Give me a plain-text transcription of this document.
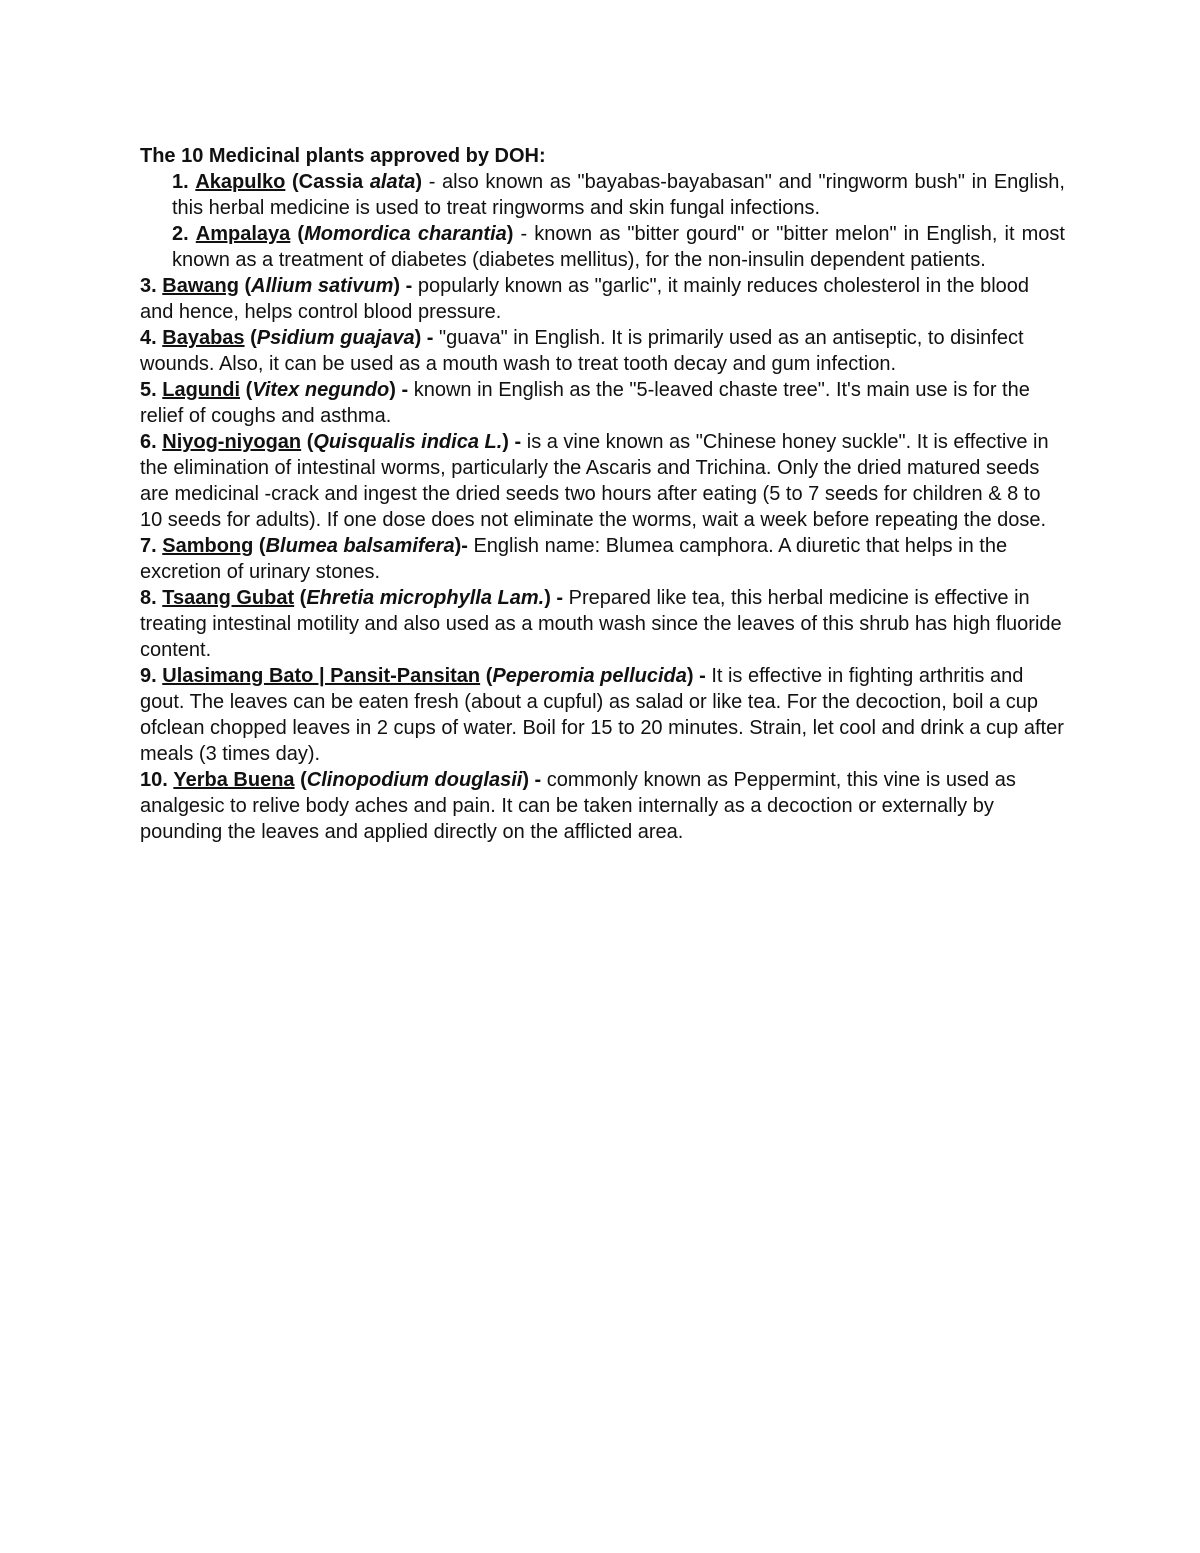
The 10 Medicinal plants approved by DOH:

1. Akapulko (Cassia alata) - also known as "bayabas-bayabasan" and "ringworm bush" in English, this herbal medicine is used to treat ringworms and skin fungal infections.
2. Ampalaya (Momordica charantia) - known as "bitter gourd" or "bitter melon" in English, it most known as a treatment of diabetes (diabetes mellitus), for the non-insulin dependent patients.
3. Bawang (Allium sativum) - popularly known as "garlic", it mainly reduces cholesterol in the blood and hence, helps control blood pressure.
4. Bayabas (Psidium guajava) - "guava" in English. It is primarily used as an antiseptic, to disinfect wounds. Also, it can be used as a mouth wash to treat tooth decay and gum infection.
5. Lagundi (Vitex negundo) - known in English as the "5-leaved chaste tree". It's main use is for the relief of coughs and asthma.
6. Niyog-niyogan (Quisqualis indica L.) - is a vine known as "Chinese honey suckle". It is effective in the elimination of intestinal worms, particularly the Ascaris and Trichina. Only the dried matured seeds are medicinal -crack and ingest the dried seeds two hours after eating (5 to 7 seeds for children & 8 to 10 seeds for adults). If one dose does not eliminate the worms, wait a week before repeating the dose.
7. Sambong (Blumea balsamifera)- English name: Blumea camphora. A diuretic that helps in the excretion of urinary stones.
8. Tsaang Gubat (Ehretia microphylla Lam.) - Prepared like tea, this herbal medicine is effective in treating intestinal motility and also used as a mouth wash since the leaves of this shrub has high fluoride content.
9. Ulasimang Bato | Pansit-Pansitan (Peperomia pellucida) - It is effective in fighting arthritis and gout. The leaves can be eaten fresh (about a cupful) as salad or like tea. For the decoction, boil a cup ofclean chopped leaves in 2 cups of water. Boil for 15 to 20 minutes. Strain, let cool and drink a cup after meals (3 times day).
10. Yerba Buena (Clinopodium douglasii) - commonly known as Peppermint, this vine is used as analgesic to relive body aches and pain. It can be taken internally as a decoction or externally by pounding the leaves and applied directly on the afflicted area.
